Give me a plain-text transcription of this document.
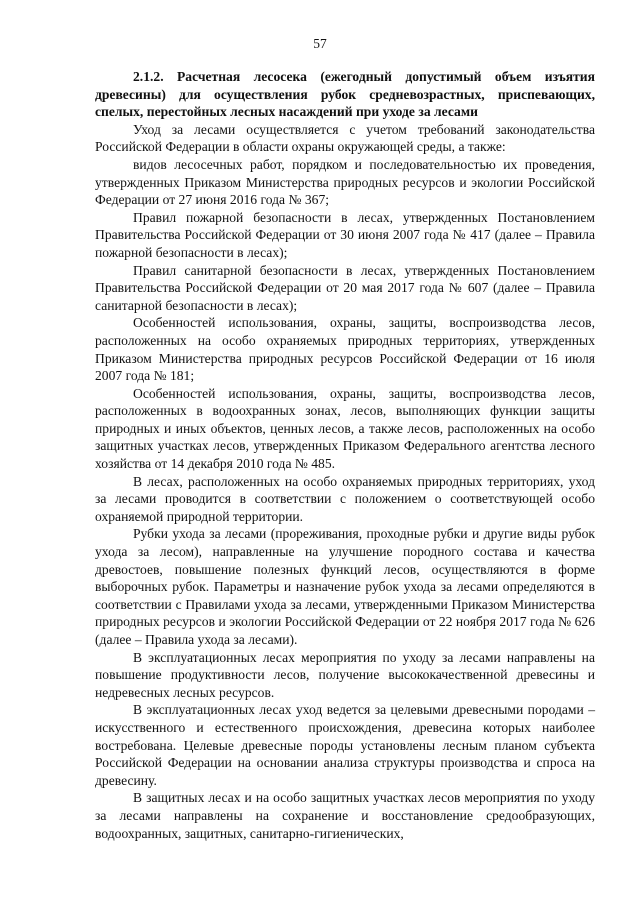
57

2.1.2. Расчетная лесосека (ежегодный допустимый объем изъятия древесины) для осуществления рубок средневозрастных, приспевающих, спелых, перестойных лесных насаждений при уходе за лесами

Уход за лесами осуществляется с учетом требований законодательства Российской Федерации в области охраны окружающей среды, а также:

видов лесосечных работ, порядком и последовательностью их проведения, утвержденных Приказом Министерства природных ресурсов и экологии Российской Федерации от 27 июня 2016 года № 367;

Правил пожарной безопасности в лесах, утвержденных Постановлением Правительства Российской Федерации от 30 июня 2007 года № 417 (далее – Правила пожарной безопасности в лесах);

Правил санитарной безопасности в лесах, утвержденных Постановлением Правительства Российской Федерации от 20 мая 2017 года № 607 (далее – Правила санитарной безопасности в лесах);

Особенностей использования, охраны, защиты, воспроизводства лесов, расположенных на особо охраняемых природных территориях, утвержденных Приказом Министерства природных ресурсов Российской Федерации от 16 июля 2007 года № 181;

Особенностей использования, охраны, защиты, воспроизводства лесов, расположенных в водоохранных зонах, лесов, выполняющих функции защиты природных и иных объектов, ценных лесов, а также лесов, расположенных на особо защитных участках лесов, утвержденных Приказом Федерального агентства лесного хозяйства от 14 декабря 2010 года № 485.

В лесах, расположенных на особо охраняемых природных территориях, уход за лесами проводится в соответствии с положением о соответствующей особо охраняемой природной территории.

Рубки ухода за лесами (прореживания, проходные рубки и другие виды рубок ухода за лесом), направленные на улучшение породного состава и качества древостоев, повышение полезных функций лесов, осуществляются в форме выборочных рубок. Параметры и назначение рубок ухода за лесами определяются в соответствии с Правилами ухода за лесами, утвержденными Приказом Министерства природных ресурсов и экологии Российской Федерации от 22 ноября 2017 года № 626 (далее – Правила ухода за лесами).

В эксплуатационных лесах мероприятия по уходу за лесами направлены на повышение продуктивности лесов, получение высококачественной древесины и недревесных лесных ресурсов.

В эксплуатационных лесах уход ведется за целевыми древесными породами – искусственного и естественного происхождения, древесина которых наиболее востребована. Целевые древесные породы установлены лесным планом субъекта Российской Федерации на основании анализа структуры производства и спроса на древесину.

В защитных лесах и на особо защитных участках лесов мероприятия по уходу за лесами направлены на сохранение и восстановление средообразующих, водоохранных, защитных, санитарно-гигиенических,
